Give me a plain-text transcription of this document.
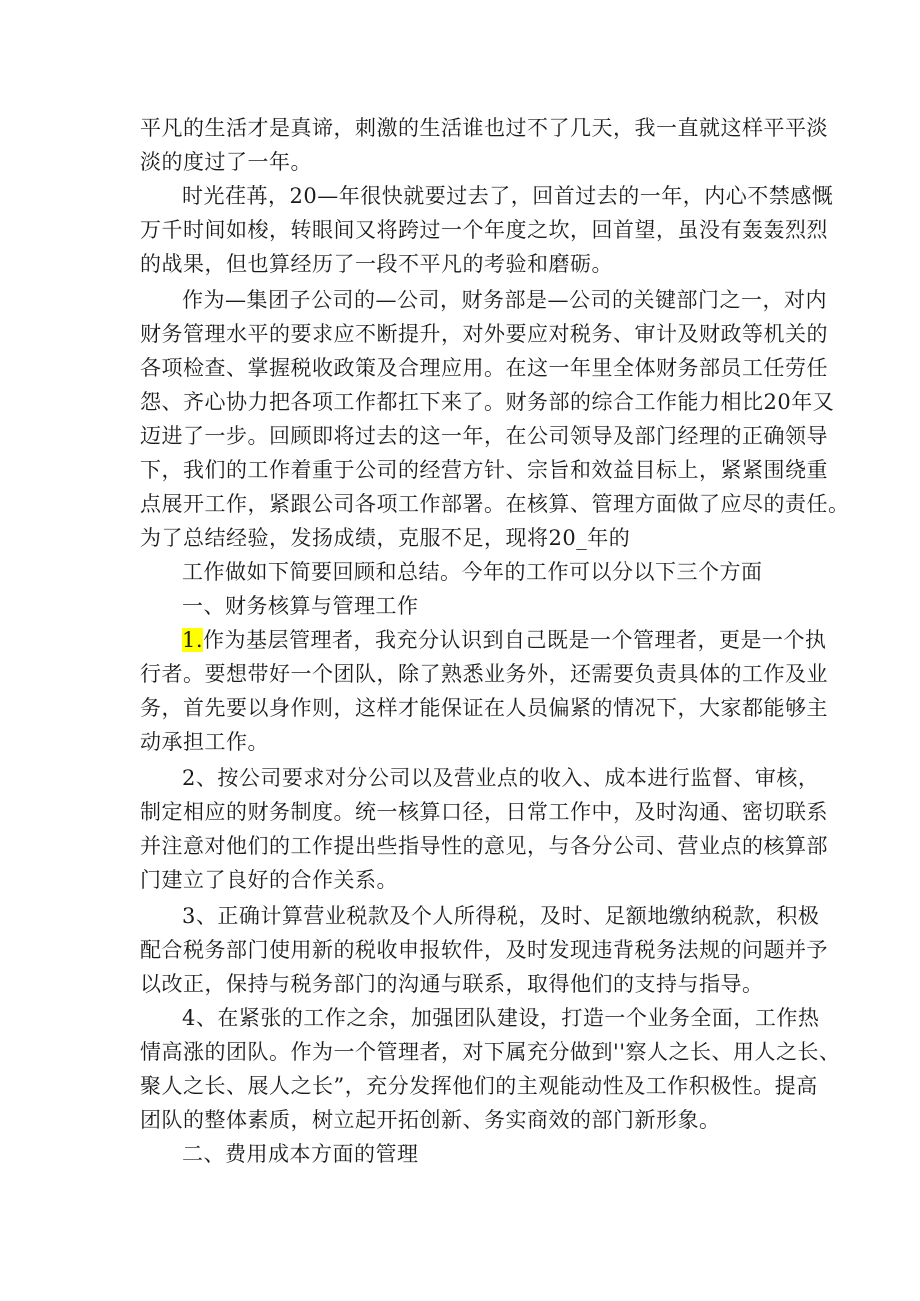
平凡的生活才是真谛，刺激的生活谁也过不了几天，我一直就这样平平淡
淡的度过了一年。
时光荏苒，20—年很快就要过去了，回首过去的一年，内心不禁感慨
万千时间如梭，转眼间又将跨过一个年度之坎，回首望，虽没有轰轰烈烈
的战果，但也算经历了一段不平凡的考验和磨砺。
作为—集团子公司的—公司，财务部是—公司的关键部门之一，对内
财务管理水平的要求应不断提升，对外要应对税务、审计及财政等机关的
各项检查、掌握税收政策及合理应用。在这一年里全体财务部员工任劳任
怨、齐心协力把各项工作都扛下来了。财务部的综合工作能力相比20年又
迈进了一步。回顾即将过去的这一年，在公司领导及部门经理的正确领导
下，我们的工作着重于公司的经营方针、宗旨和效益目标上，紧紧围绕重
点展开工作，紧跟公司各项工作部署。在核算、管理方面做了应尽的责任。
为了总结经验，发扬成绩，克服不足，现将20_年的
工作做如下简要回顾和总结。今年的工作可以分以下三个方面
一、财务核算与管理工作
1.作为基层管理者，我充分认识到自己既是一个管理者，更是一个执
行者。要想带好一个团队，除了熟悉业务外，还需要负责具体的工作及业
务，首先要以身作则，这样才能保证在人员偏紧的情况下，大家都能够主
动承担工作。
2、按公司要求对分公司以及营业点的收入、成本进行监督、审核，
制定相应的财务制度。统一核算口径，日常工作中，及时沟通、密切联系
并注意对他们的工作提出些指导性的意见，与各分公司、营业点的核算部
门建立了良好的合作关系。
3、正确计算营业税款及个人所得税，及时、足额地缴纳税款，积极
配合税务部门使用新的税收申报软件，及时发现违背税务法规的问题并予
以改正，保持与税务部门的沟通与联系，取得他们的支持与指导。
4、在紧张的工作之余，加强团队建设，打造一个业务全面，工作热
情高涨的团队。作为一个管理者，对下属充分做到''察人之长、用人之长、
聚人之长、展人之长”，充分发挥他们的主观能动性及工作积极性。提高
团队的整体素质，树立起开拓创新、务实商效的部门新形象。
二、费用成本方面的管理
